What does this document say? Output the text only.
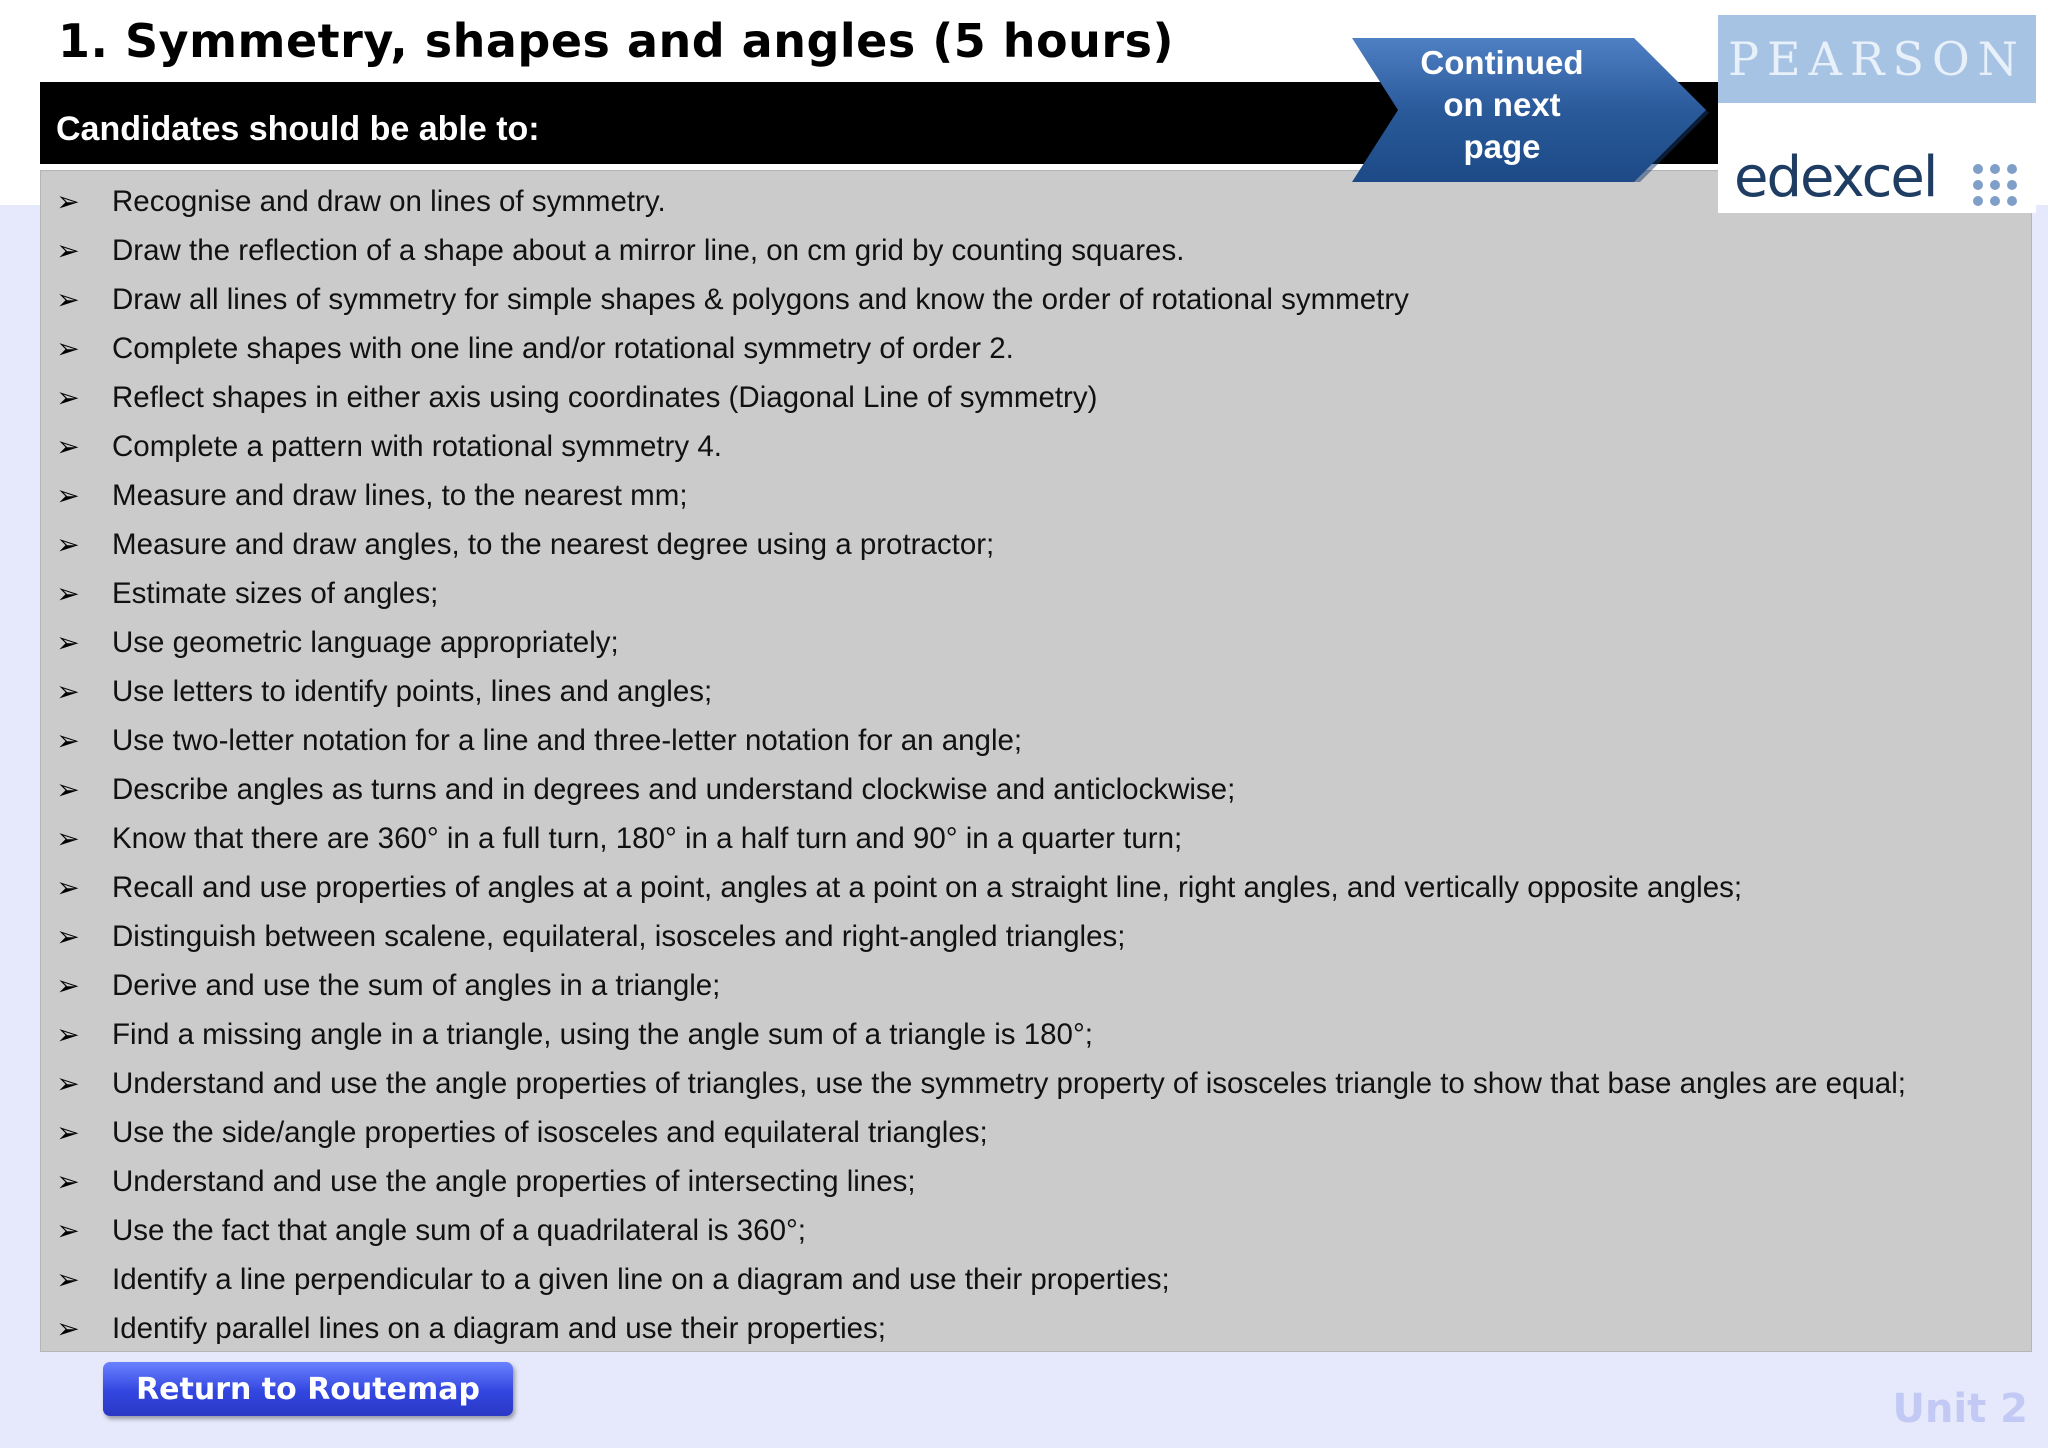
1. Symmetry, shapes and angles (5 hours)
Candidates should be able to:
➢ Recognise and draw on lines of symmetry.
➢ Draw the reflection of a shape about a mirror line, on cm grid by counting squares.
➢ Draw all lines of symmetry for simple shapes & polygons and know the order of rotational symmetry
➢ Complete shapes with one line and/or rotational symmetry of order 2.
➢ Reflect shapes in either axis using coordinates (Diagonal Line of symmetry)
➢ Complete a pattern with rotational symmetry 4.
➢ Measure and draw lines, to the nearest mm;
➢ Measure and draw angles, to the nearest degree using a protractor;
➢ Estimate sizes of angles;
➢ Use geometric language appropriately;
➢ Use letters to identify points, lines and angles;
➢ Use two-letter notation for a line and three-letter notation for an angle;
➢ Describe angles as turns and in degrees and understand clockwise and anticlockwise;
➢ Know that there are 360° in a full turn, 180° in a half turn and 90° in a quarter turn;
➢ Recall and use properties of angles at a point, angles at a point on a straight line, right angles, and vertically opposite angles;
➢ Distinguish between scalene, equilateral, isosceles and right-angled triangles;
➢ Derive and use the sum of angles in a triangle;
➢ Find a missing angle in a triangle, using the angle sum of a triangle is 180°;
➢ Understand and use the angle properties of triangles, use the symmetry property of isosceles triangle to show that base angles are equal;
➢ Use the side/angle properties of isosceles and equilateral triangles;
➢ Understand and use the angle properties of intersecting lines;
➢ Use the fact that angle sum of a quadrilateral is 360°;
➢ Identify a line perpendicular to a given line on a diagram and use their properties;
➢ Identify parallel lines on a diagram and use their properties;
Continued
on next
page
PEARSON
edexcel
Return to Routemap	Unit 2
